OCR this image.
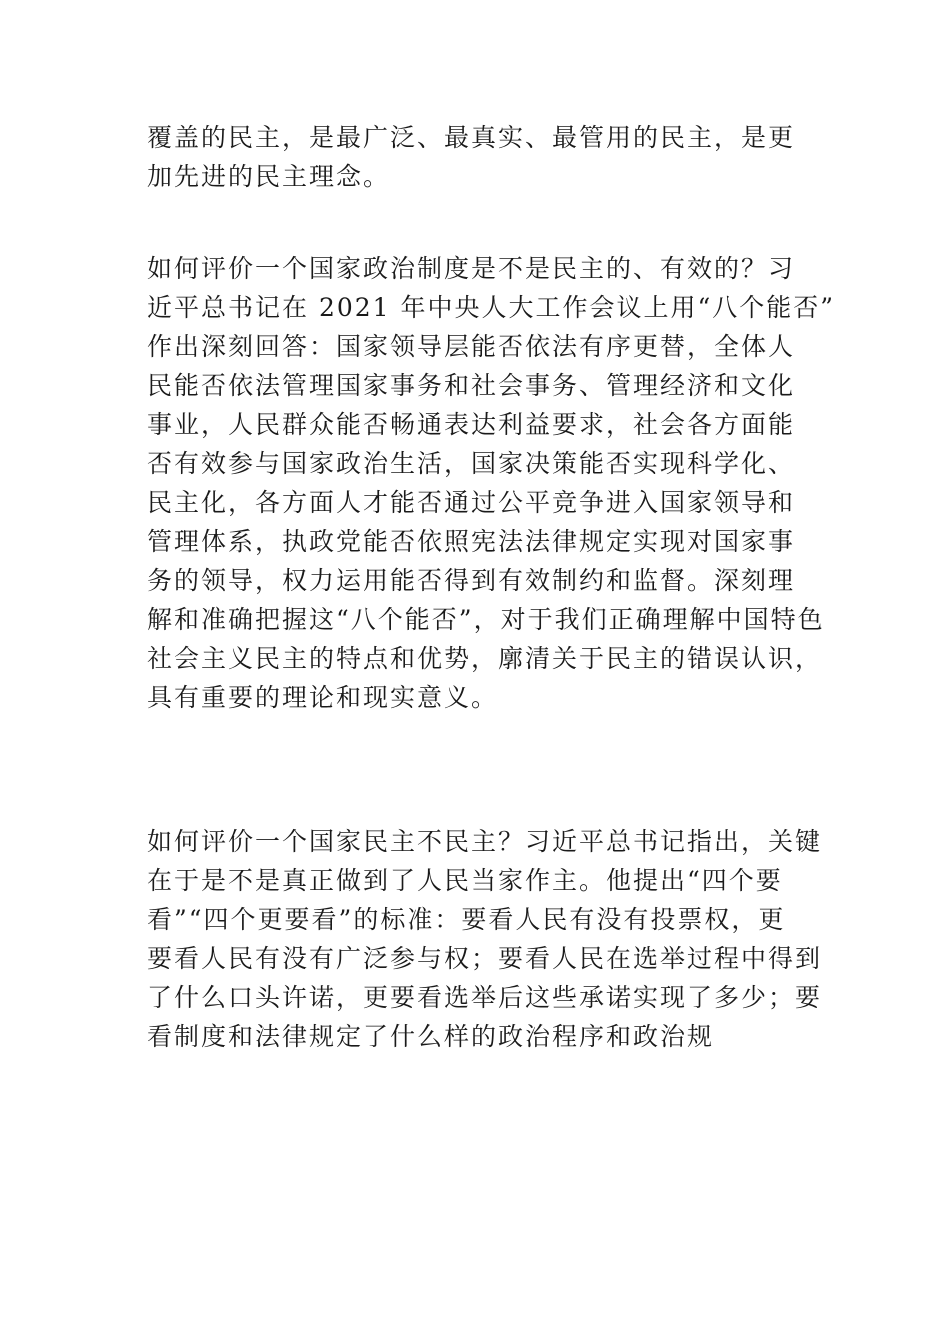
覆盖的民主，是最广泛、最真实、最管用的民主，是更
加先进的民主理念。

如何评价一个国家政治制度是不是民主的、有效的？习
近平总书记在 2021 年中央人大工作会议上用“八个能否”
作出深刻回答：国家领导层能否依法有序更替，全体人
民能否依法管理国家事务和社会事务、管理经济和文化
事业，人民群众能否畅通表达利益要求，社会各方面能
否有效参与国家政治生活，国家决策能否实现科学化、
民主化，各方面人才能否通过公平竞争进入国家领导和
管理体系，执政党能否依照宪法法律规定实现对国家事
务的领导，权力运用能否得到有效制约和监督。深刻理
解和准确把握这“八个能否”，对于我们正确理解中国特色
社会主义民主的特点和优势，廓清关于民主的错误认识，
具有重要的理论和现实意义。

如何评价一个国家民主不民主？习近平总书记指出，关键
在于是不是真正做到了人民当家作主。他提出“四个要
看”“四个更要看”的标准：要看人民有没有投票权，更
要看人民有没有广泛参与权；要看人民在选举过程中得到
了什么口头许诺，更要看选举后这些承诺实现了多少；要
看制度和法律规定了什么样的政治程序和政治规
